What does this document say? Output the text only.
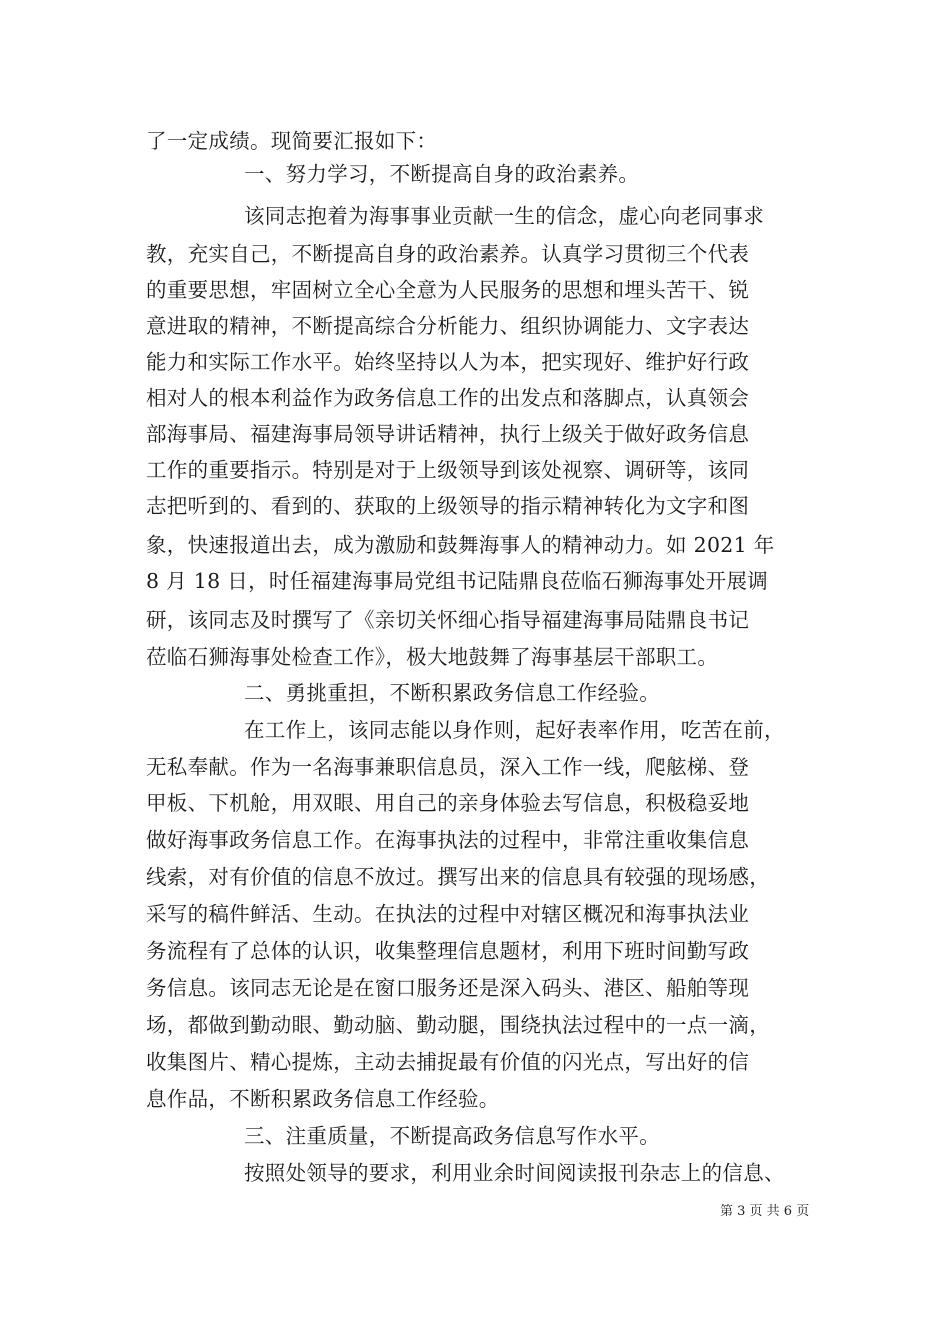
了一定成绩。现简要汇报如下：
一、努力学习，不断提高自身的政治素养。
该同志抱着为海事事业贡献一生的信念，虚心向老同事求
教，充实自己，不断提高自身的政治素养。认真学习贯彻三个代表
的重要思想，牢固树立全心全意为人民服务的思想和埋头苦干、锐
意进取的精神，不断提高综合分析能力、组织协调能力、文字表达
能力和实际工作水平。始终坚持以人为本，把实现好、维护好行政
相对人的根本利益作为政务信息工作的出发点和落脚点，认真领会
部海事局、福建海事局领导讲话精神，执行上级关于做好政务信息
工作的重要指示。特别是对于上级领导到该处视察、调研等，该同
志把听到的、看到的、获取的上级领导的指示精神转化为文字和图
象，快速报道出去，成为激励和鼓舞海事人的精神动力。如 2021 年
8 月 18 日，时任福建海事局党组书记陆鼎良莅临石狮海事处开展调
研，该同志及时撰写了《亲切关怀细心指导福建海事局陆鼎良书记
莅临石狮海事处检查工作》，极大地鼓舞了海事基层干部职工。
二、勇挑重担，不断积累政务信息工作经验。
在工作上，该同志能以身作则，起好表率作用，吃苦在前，
无私奉献。作为一名海事兼职信息员，深入工作一线，爬舷梯、登
甲板、下机舱，用双眼、用自己的亲身体验去写信息，积极稳妥地
做好海事政务信息工作。在海事执法的过程中，非常注重收集信息
线索，对有价值的信息不放过。撰写出来的信息具有较强的现场感，
采写的稿件鲜活、生动。在执法的过程中对辖区概况和海事执法业
务流程有了总体的认识，收集整理信息题材，利用下班时间勤写政
务信息。该同志无论是在窗口服务还是深入码头、港区、船舶等现
场，都做到勤动眼、勤动脑、勤动腿，围绕执法过程中的一点一滴，
收集图片、精心提炼，主动去捕捉最有价值的闪光点，写出好的信
息作品，不断积累政务信息工作经验。
三、注重质量，不断提高政务信息写作水平。
按照处领导的要求，利用业余时间阅读报刊杂志上的信息、
第 3 页 共 6 页
